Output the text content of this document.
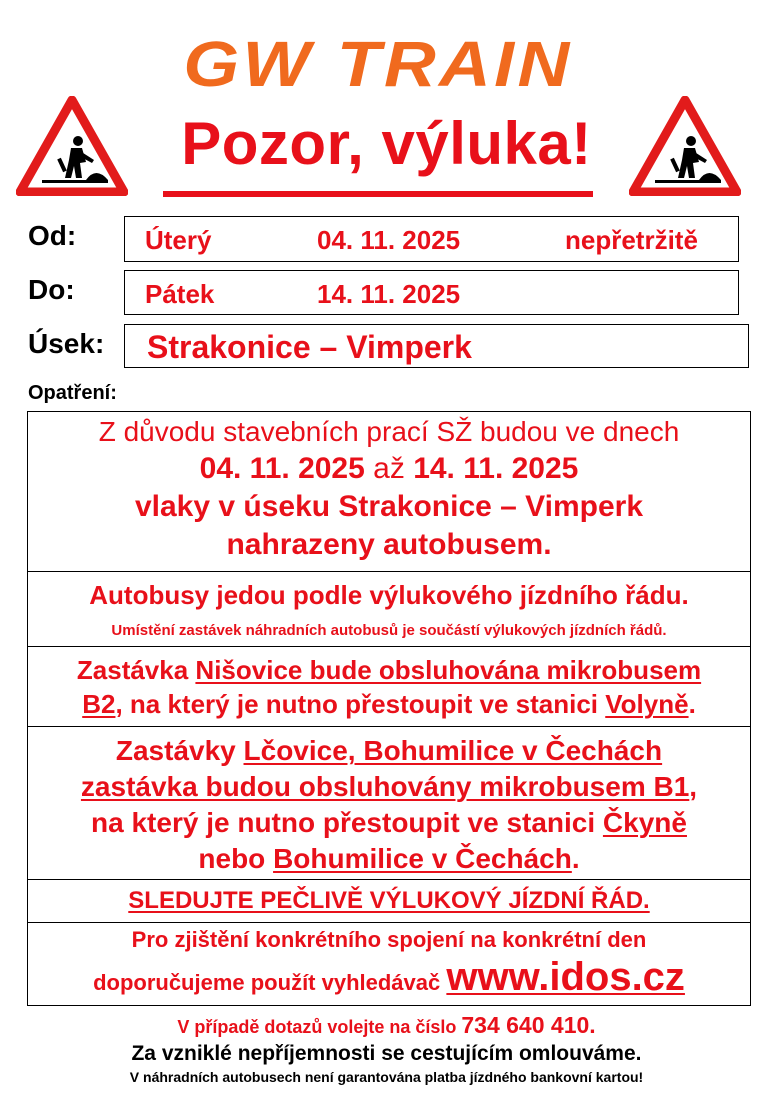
GW TRAIN
Pozor, výluka!
Od:	Úterý	04. 11. 2025	nepřetržitě
Do:	Pátek	14. 11. 2025
Úsek: Strakonice – Vimperk
Opatření:
Z důvodu stavebních prací SŽ budou ve dnech
04. 11. 2025 až 14. 11. 2025
vlaky v úseku Strakonice – Vimperk
nahrazeny autobusem.
Autobusy jedou podle výlukového jízdního řádu.
Umístění zastávek náhradních autobusů je součástí výlukových jízdních řádů.
Zastávka Nišovice bude obsluhována mikrobusem
B2, na který je nutno přestoupit ve stanici Volyně.
Zastávky Lčovice, Bohumilice v Čechách
zastávka budou obsluhovány mikrobusem B1,
na který je nutno přestoupit ve stanici Čkyně
nebo Bohumilice v Čechách.
SLEDUJTE PEČLIVĚ VÝLUKOVÝ JÍZDNÍ ŘÁD.
Pro zjištění konkrétního spojení na konkrétní den
doporučujeme použít vyhledávač www.idos.cz
V případě dotazů volejte na číslo 734 640 410.
Za vzniklé nepříjemnosti se cestujícím omlouváme.
V náhradních autobusech není garantována platba jízdného bankovní kartou!
